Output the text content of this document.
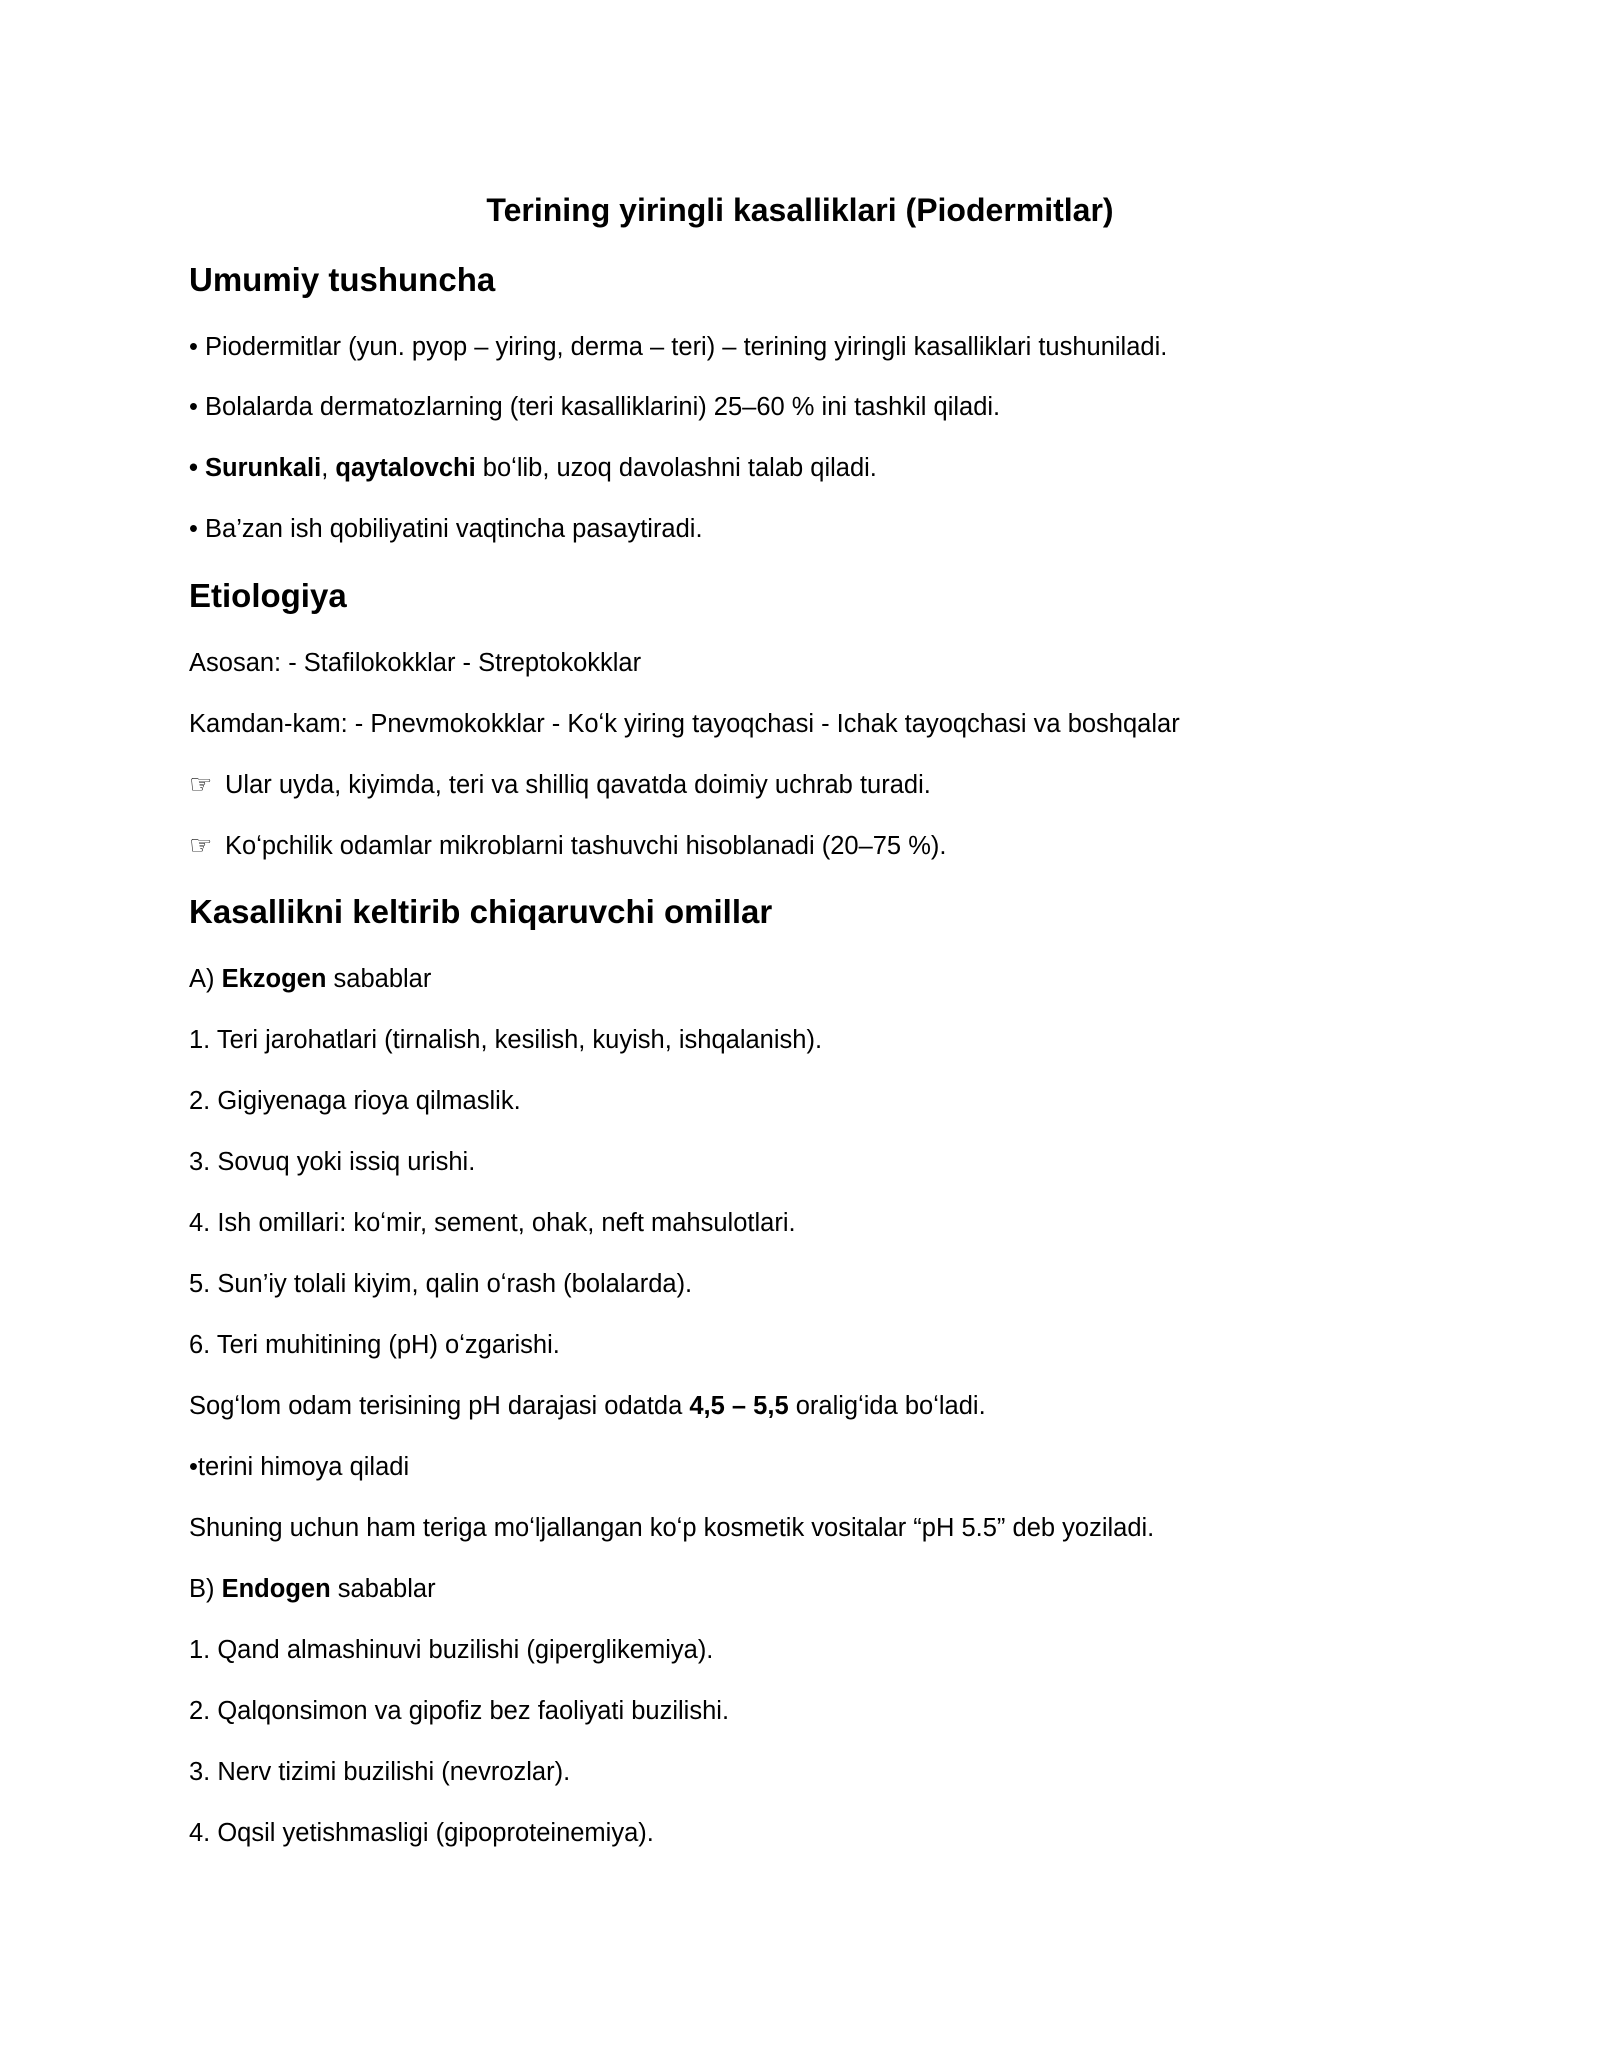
Terining yiringli kasalliklari (Piodermitlar)
Umumiy tushuncha

• Piodermitlar (yun. pyop – yiring, derma – teri) – terining yiringli kasalliklari tushuniladi.

• Bolalarda dermatozlarning (teri kasalliklarini) 25–60 % ini tashkil qiladi.

• Surunkali, qaytalovchi boʻlib, uzoq davolashni talab qiladi.

• Ba’zan ish qobiliyatini vaqtincha pasaytiradi.

Etiologiya

Asosan: - Stafilokokklar - Streptokokklar

Kamdan-kam: - Pnevmokokklar - Koʻk yiring tayoqchasi - Ichak tayoqchasi va boshqalar

☞ Ular uyda, kiyimda, teri va shilliq qavatda doimiy uchrab turadi.

☞ Koʻpchilik odamlar mikroblarni tashuvchi hisoblanadi (20–75 %).

Kasallikni keltirib chiqaruvchi omillar

A) Ekzogen sabablar

1. Teri jarohatlari (tirnalish, kesilish, kuyish, ishqalanish).

2. Gigiyenaga rioya qilmaslik.

3. Sovuq yoki issiq urishi.

4. Ish omillari: koʻmir, sement, ohak, neft mahsulotlari.

5. Sun’iy tolali kiyim, qalin oʻrash (bolalarda).

6. Teri muhitining (pH) oʻzgarishi.

Sogʻlom odam terisining pH darajasi odatda 4,5 – 5,5 oraligʻida boʻladi.

•terini himoya qiladi

Shuning uchun ham teriga moʻljallangan koʻp kosmetik vositalar “pH 5.5” deb yoziladi.

B) Endogen sabablar

1. Qand almashinuvi buzilishi (giperglikemiya).

2. Qalqonsimon va gipofiz bez faoliyati buzilishi.

3. Nerv tizimi buzilishi (nevrozlar).

4. Oqsil yetishmasligi (gipoproteinemiya).
